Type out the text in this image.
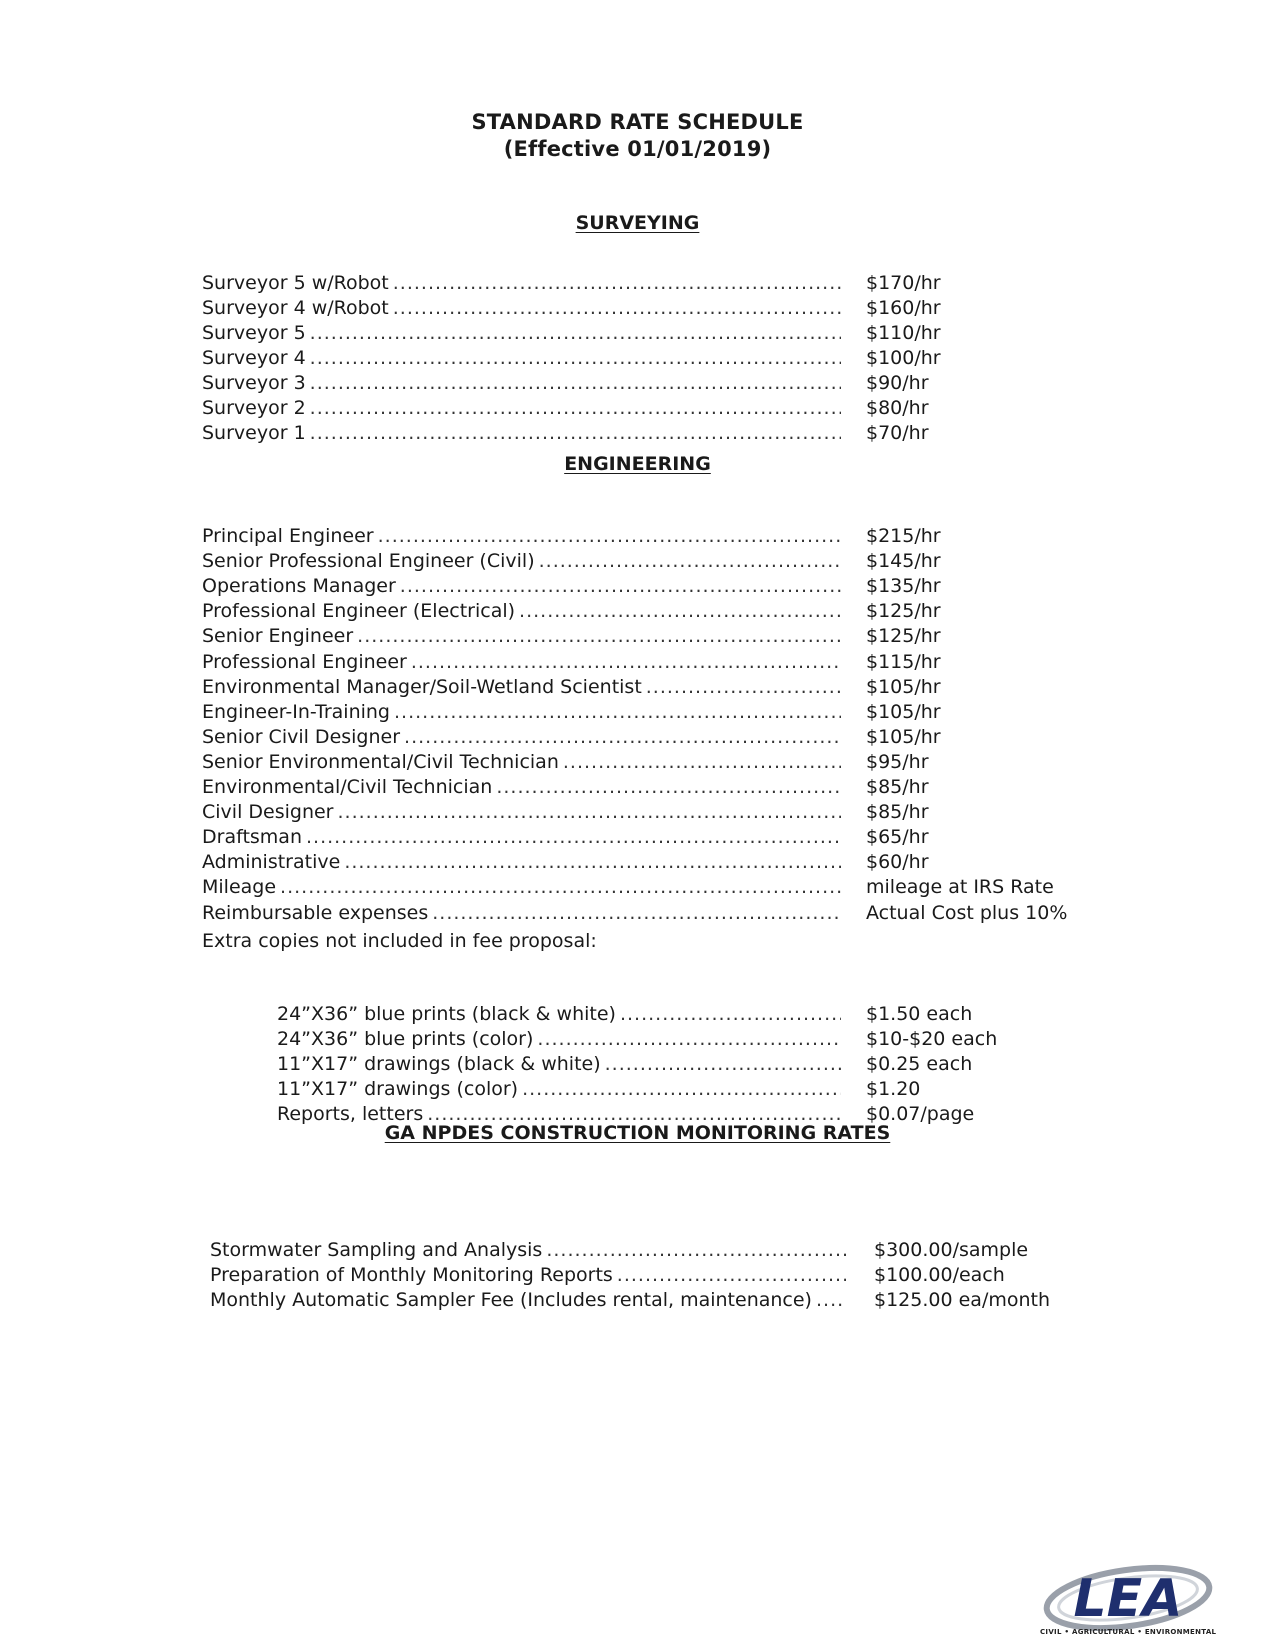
STANDARD RATE SCHEDULE
(Effective 01/01/2019)
SURVEYING
Surveyor 5 w/Robot .....	$170/hr
Surveyor 4 w/Robot .....	$160/hr
Surveyor 5 .....	$110/hr
Surveyor 4 .....	$100/hr
Surveyor 3 .....	$90/hr
Surveyor 2 .....	$80/hr
Surveyor 1 .....	$70/hr
ENGINEERING
Principal Engineer .....	$215/hr
Senior Professional Engineer (Civil) .....	$145/hr
Operations Manager .....	$135/hr
Professional Engineer (Electrical) .....	$125/hr
Senior Engineer .....	$125/hr
Professional Engineer .....	$115/hr
Environmental Manager/Soil-Wetland Scientist .....	$105/hr
Engineer-In-Training .....	$105/hr
Senior Civil Designer .....	$105/hr
Senior Environmental/Civil Technician .....	$95/hr
Environmental/Civil Technician .....	$85/hr
Civil Designer .....	$85/hr
Draftsman .....	$65/hr
Administrative .....	$60/hr
Mileage .....	mileage at IRS Rate
Reimbursable expenses .....	Actual Cost plus 10%
Extra copies not included in fee proposal:
24”X36” blue prints (black & white) .....	$1.50 each
24”X36” blue prints (color) .....	$10-$20 each
11”X17” drawings (black & white) .....	$0.25 each
11”X17” drawings (color) .....	$1.20
Reports, letters .....	$0.07/page
GA NPDES CONSTRUCTION MONITORING RATES
Stormwater Sampling and Analysis .....	$300.00/sample
Preparation of Monthly Monitoring Reports .....	$100.00/each
Monthly Automatic Sampler Fee (Includes rental, maintenance) .....	$125.00 ea/month
LEA
CIVIL • AGRICULTURAL • ENVIRONMENTAL
